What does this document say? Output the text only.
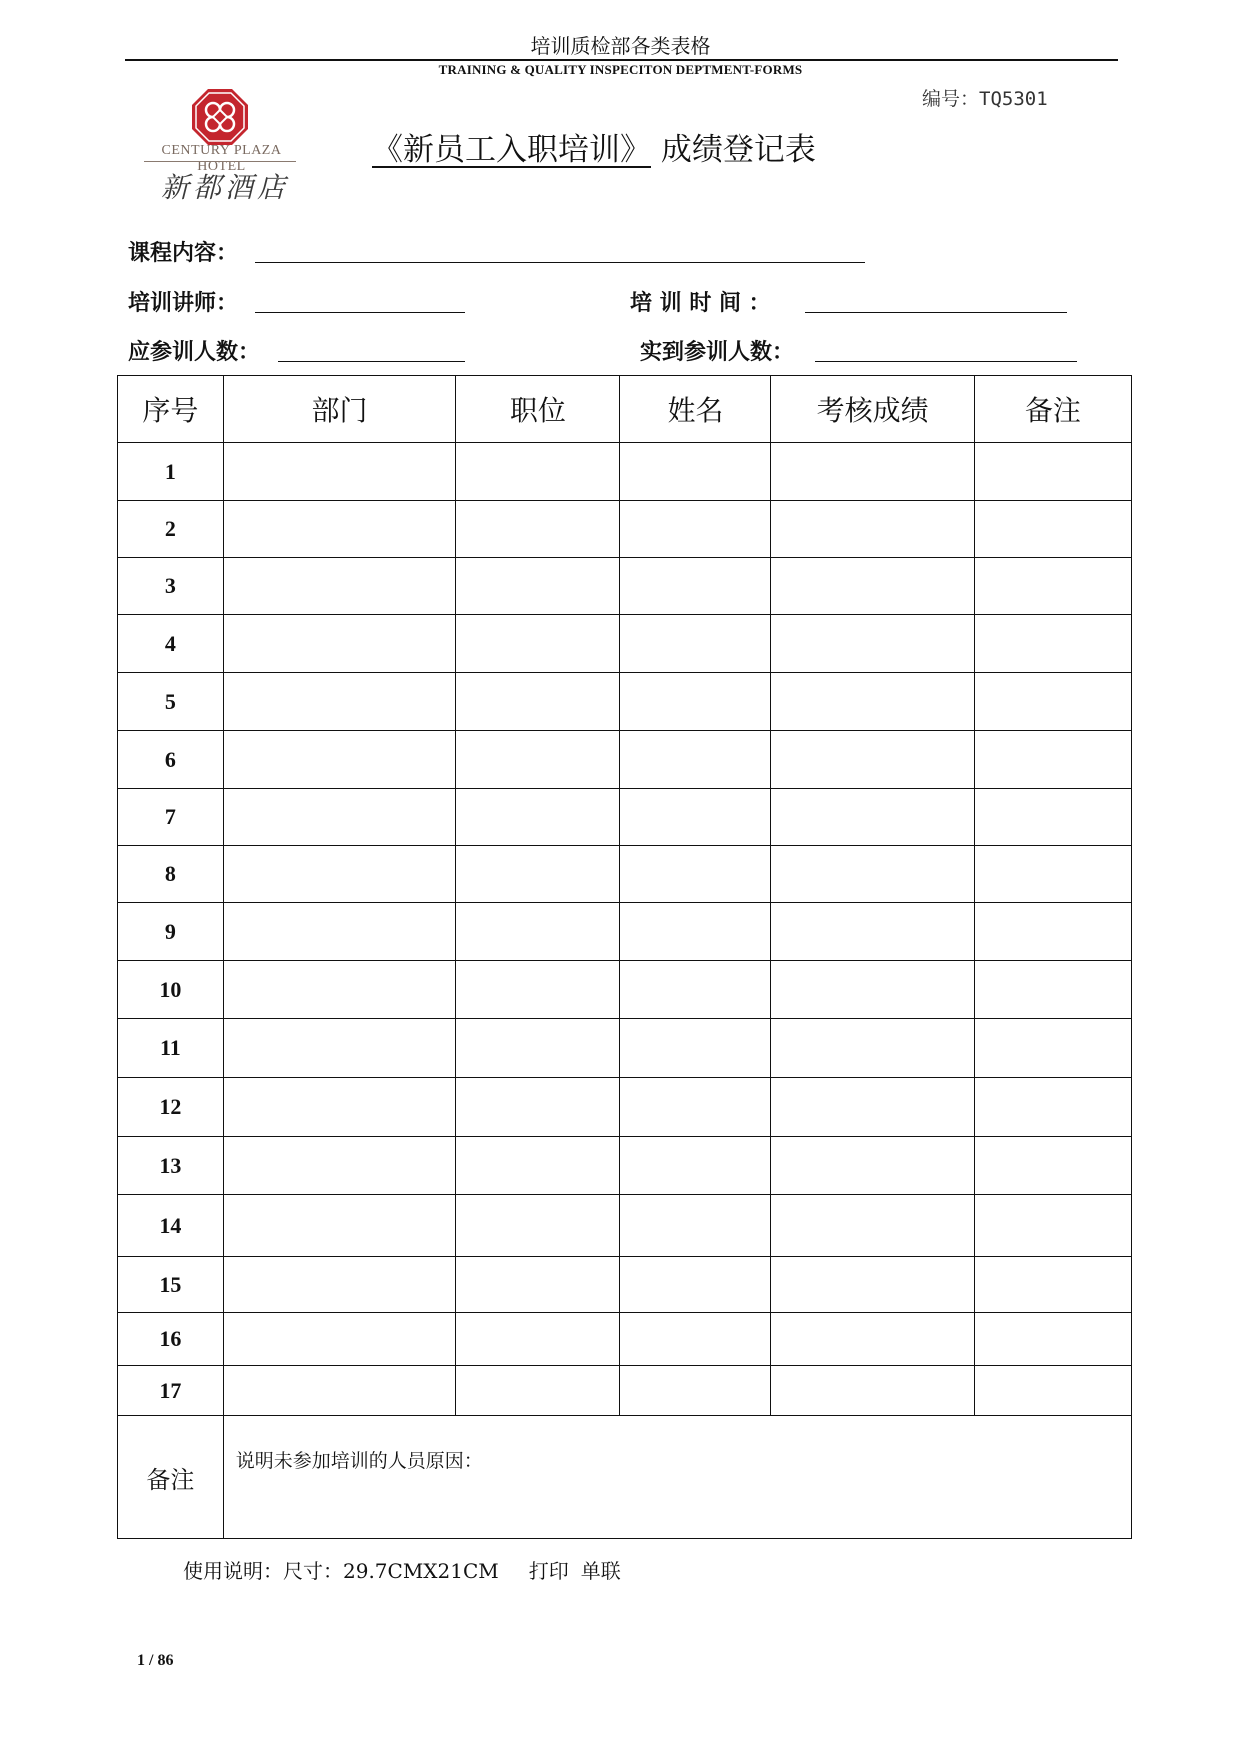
培训质检部各类表格
TRAINING & QUALITY INSPECITON DEPTMENT-FORMS
编号：TQ5301
CENTURY PLAZA HOTEL
新都酒店
《新员工入职培训》 成绩登记表
课程内容：
培训讲师：	培 训 时 间 ：
应参训人数：	实到参训人数：
序号	部门	职位	姓名	考核成绩	备注
1					
2					
3					
4					
5					
6					
7					
8					
9					
10					
11					
12					
13					
14					
15					
16					
17					
备注	说明未参加培训的人员原因：				
使用说明：尺寸：29.7CMX21CM 打印 单联
1 / 86
